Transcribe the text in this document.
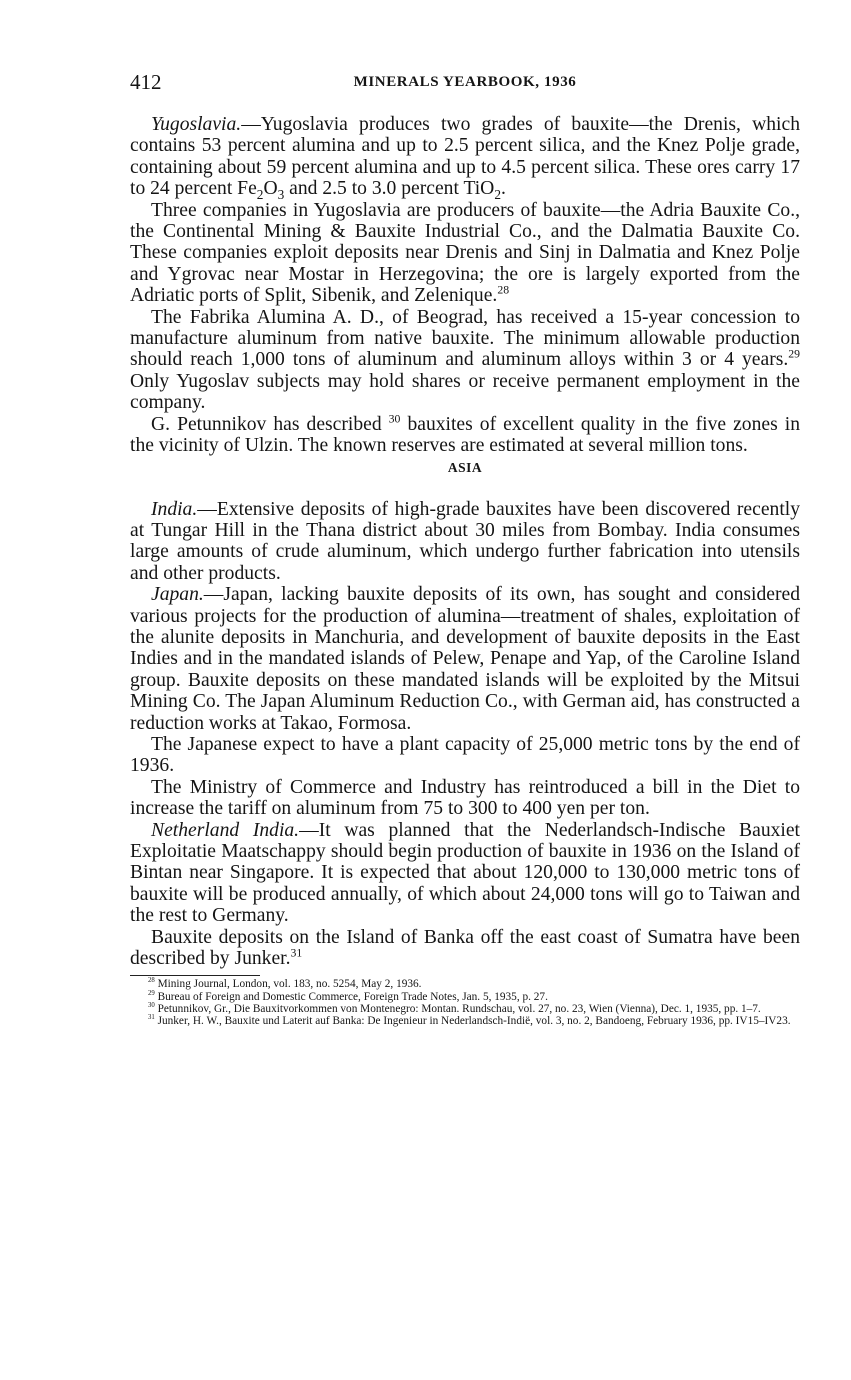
412	MINERALS YEARBOOK, 1936

Yugoslavia.—Yugoslavia produces two grades of bauxite—the Drenis, which contains 53 percent alumina and up to 2.5 percent silica, and the Knez Polje grade, containing about 59 percent alumina and up to 4.5 percent silica. These ores carry 17 to 24 percent $Fe_2O_3$ and 2.5 to 3.0 percent TiO$_2$.

Three companies in Yugoslavia are producers of bauxite—the Adria Bauxite Co., the Continental Mining & Bauxite Industrial Co., and the Dalmatia Bauxite Co. These companies exploit deposits near Drenis and Sinj in Dalmatia and Knez Polje and Ygrovac near Mostar in Herzegovina; the ore is largely exported from the Adriatic ports of Split, Sibenik, and Zelenique.$^{28}$

The Fabrika Alumina A. D., of Beograd, has received a 15-year concession to manufacture aluminum from native bauxite. The minimum allowable production should reach 1,000 tons of aluminum and aluminum alloys within 3 or 4 years.$^{29}$ Only Yugoslav subjects may hold shares or receive permanent employment in the company.

G. Petunnikov has described $^{30}$ bauxites of excellent quality in the five zones in the vicinity of Ulzin. The known reserves are estimated at several million tons.

ASIA

India.—Extensive deposits of high-grade bauxites have been discovered recently at Tungar Hill in the Thana district about 30 miles from Bombay. India consumes large amounts of crude aluminum, which undergo further fabrication into utensils and other products.

Japan.—Japan, lacking bauxite deposits of its own, has sought and considered various projects for the production of alumina—treatment of shales, exploitation of the alunite deposits in Manchuria, and development of bauxite deposits in the East Indies and in the mandated islands of Pelew, Penape and Yap, of the Caroline Island group. Bauxite deposits on these mandated islands will be exploited by the Mitsui Mining Co. The Japan Aluminum Reduction Co., with German aid, has constructed a reduction works at Takao, Formosa.

The Japanese expect to have a plant capacity of 25,000 metric tons by the end of 1936.

The Ministry of Commerce and Industry has reintroduced a bill in the Diet to increase the tariff on aluminum from 75 to 300 to 400 yen per ton.

Netherland India.—It was planned that the Nederlandsch-Indische Bauxiet Exploitatie Maatschappy should begin production of bauxite in 1936 on the Island of Bintan near Singapore. It is expected that about 120,000 to 130,000 metric tons of bauxite will be produced annually, of which about 24,000 tons will go to Taiwan and the rest to Germany.

Bauxite deposits on the Island of Banka off the east coast of Sumatra have been described by Junker.$^{31}$

$^{28}$ Mining Journal, London, vol. 183, no. 5254, May 2, 1936.

$^{29}$ Bureau of Foreign and Domestic Commerce, Foreign Trade Notes, Jan. 5, 1935, p. 27.

$^{30}$ Petunnikov, Gr., Die Bauxitvorkommen von Montenegro: Montan. Rundschau, vol. 27, no. 23, Wien (Vienna), Dec. 1, 1935, pp. 1–7.

$^{31}$ Junker, H. W., Bauxite und Laterit auf Banka: De Ingenieur in Nederlandsch-Indië, vol. 3, no. 2, Bandoeng, February 1936, pp. IV15–IV23.
